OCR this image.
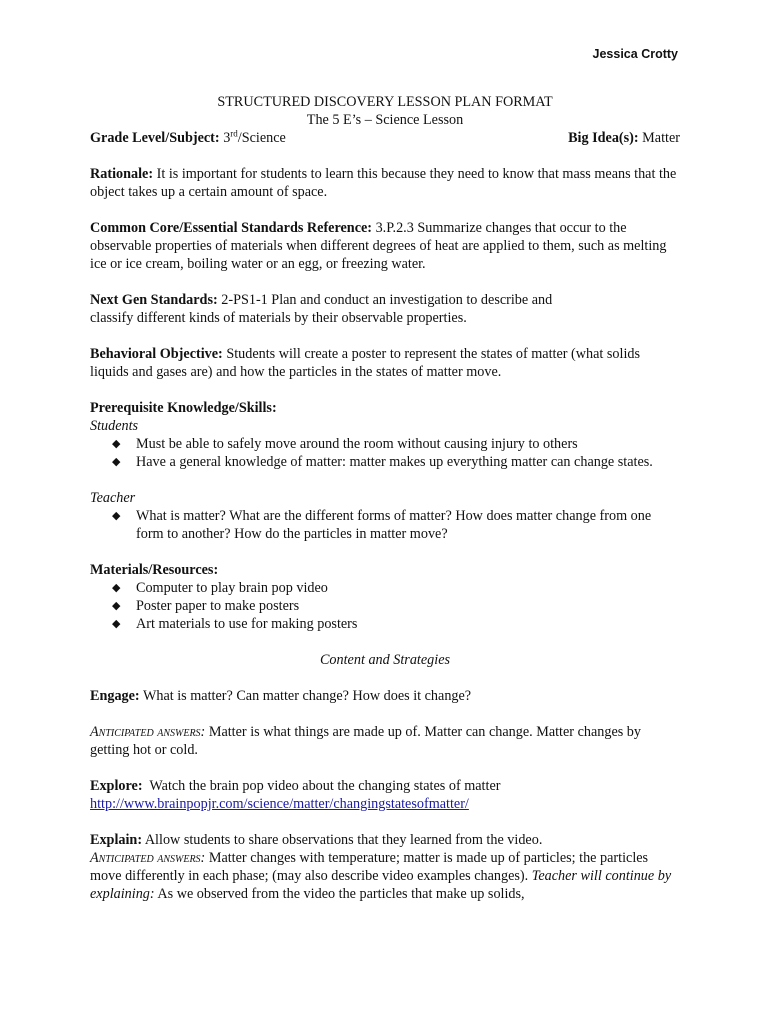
Jessica Crotty

STRUCTURED DISCOVERY LESSON PLAN FORMAT

The 5 E’s – Science Lesson

Grade Level/Subject: 3rd/Science	Big Idea(s): Matter

Rationale: It is important for students to learn this because they need to know that mass means that the object takes up a certain amount of space.

Common Core/Essential Standards Reference: 3.P.2.3 Summarize changes that occur to the observable properties of materials when different degrees of heat are applied to them, such as melting ice or ice cream, boiling water or an egg, or freezing water.

Next Gen Standards: 2-PS1-1 Plan and conduct an investigation to describe and
classify different kinds of materials by their observable properties.

Behavioral Objective: Students will create a poster to represent the states of matter (what solids liquids and gases are) and how the particles in the states of matter move.

Prerequisite Knowledge/Skills:

Students

◆ Must be able to safely move around the room without causing injury to others
◆ Have a general knowledge of matter: matter makes up everything matter can change states.

Teacher

◆ What is matter? What are the different forms of matter? How does matter change from one form to another? How do the particles in matter move?

Materials/Resources:

◆ Computer to play brain pop video
◆ Poster paper to make posters
◆ Art materials to use for making posters

Content and Strategies

Engage: What is matter? Can matter change? How does it change?

Anticipated answers: Matter is what things are made up of. Matter can change. Matter changes by getting hot or cold.

Explore: Watch the brain pop video about the changing states of matter
http://www.brainpopjr.com/science/matter/changingstatesofmatter/

Explain: Allow students to share observations that they learned from the video.
Anticipated answers: Matter changes with temperature; matter is made up of particles; the particles move differently in each phase; (may also describe video examples changes). Teacher will continue by explaining: As we observed from the video the particles that make up solids,
